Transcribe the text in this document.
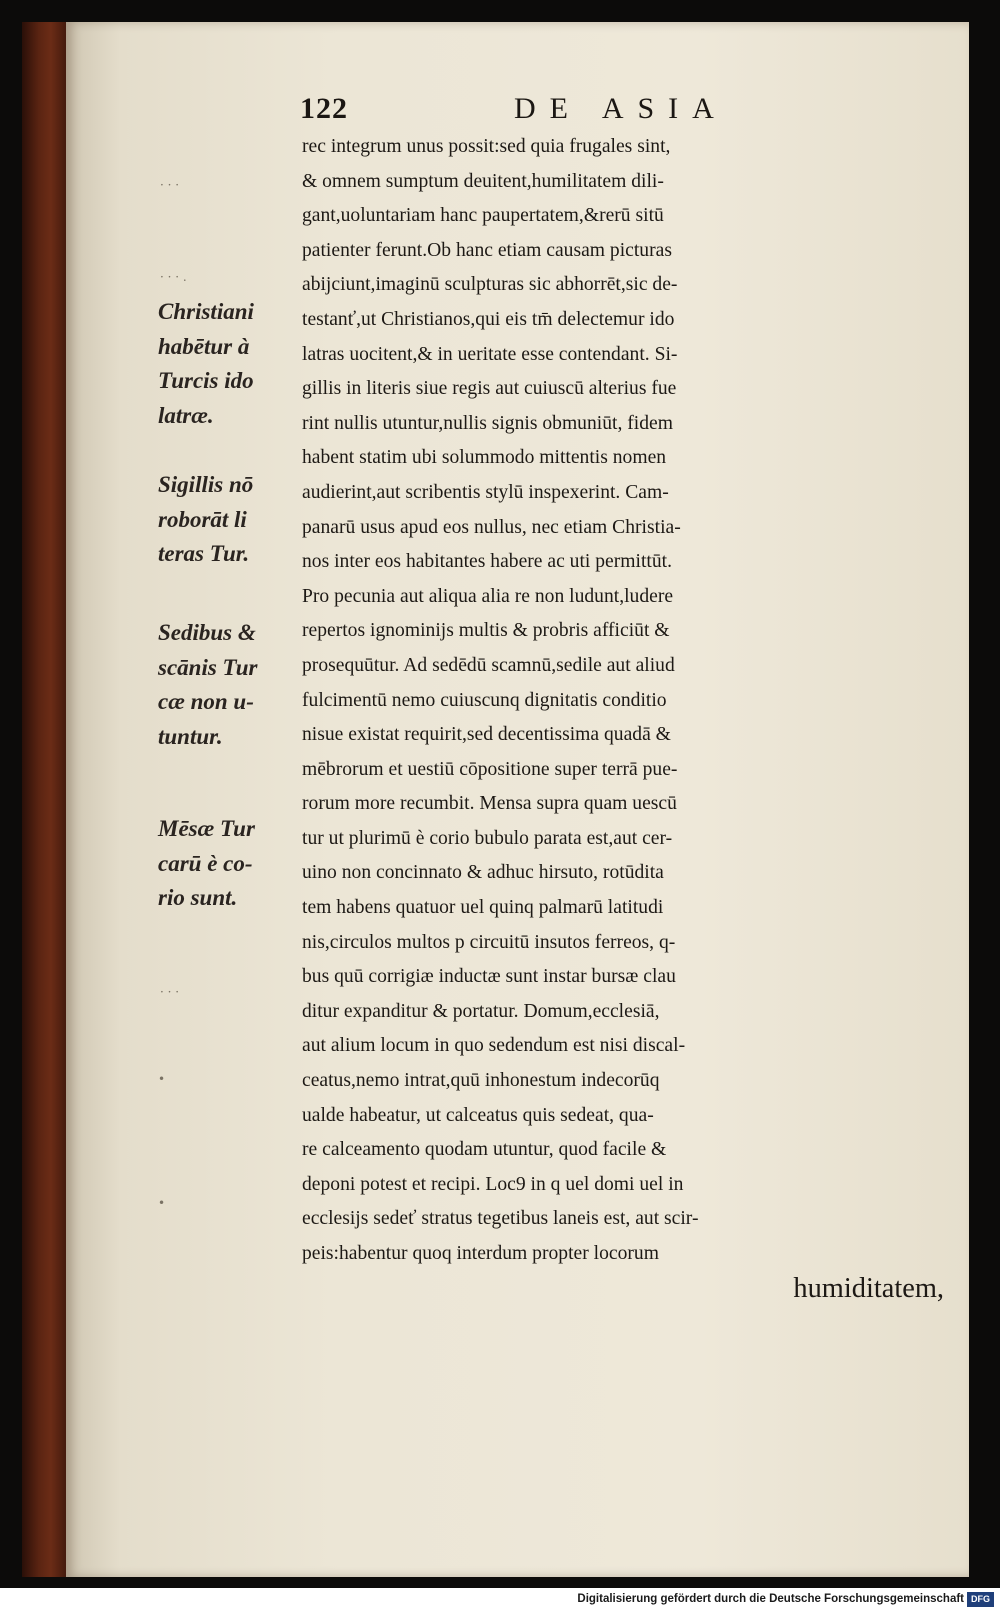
· · ·
· · · .
· · ·
•
•
122	DE ASIA
rec integrum unus possit:sed quia frugales sint,
& omnem sumptum deuitent,humilitatem dili-
gant,uoluntariam hanc paupertatem,&rerū sitū
patienter ferunt.Ob hanc etiam causam picturas
abijciunt,imaginū sculpturas sic abhorrēt,sic de-
testanť,ut Christianos,qui eis tm̄ delectemur ido
latras uocitent,& in ueritate esse contendant. Si-
gillis in literis siue regis aut cuiuscū alterius fue
rint nullis utuntur,nullis signis obmuniūt, fidem
habent statim ubi solummodo mittentis nomen
audierint,aut scribentis stylū inspexerint. Cam-
panarū usus apud eos nullus, nec etiam Christia-
nos inter eos habitantes habere ac uti permittūt.
Pro pecunia aut aliqua alia re non ludunt,ludere
repertos ignominijs multis & probris afficiūt &
prosequūtur. Ad sedēdū scamnū,sedile aut aliud
fulcimentū nemo cuiuscunq dignitatis conditio
nisue existat requirit,sed decentissima quadā &
mēbrorum et uestiū cōpositione super terrā pue-
rorum more recumbit. Mensa supra quam uescū
tur ut plurimū è corio bubulo parata est,aut cer-
uino non concinnato & adhuc hirsuto, rotūdita
tem habens quatuor uel quinq palmarū latitudi
nis,circulos multos p circuitū insutos ferreos, q-
bus quū corrigiæ inductæ sunt instar bursæ clau
ditur expanditur & portatur. Domum,ecclesiā,
aut alium locum in quo sedendum est nisi discal-
ceatus,nemo intrat,quū inhonestum indecorūq
ualde habeatur, ut calceatus quis sedeat, qua-
re calceamento quodam utuntur, quod facile &
deponi potest et recipi. Loc9 in q uel domi uel in
ecclesijs sedeť stratus tegetibus laneis est, aut scir-
peis:habentur quoq interdum propter locorum
humiditatem,
Christiani
habētur à
Turcis ido
latræ.
Sigillis nō
roborāt li
teras Tur.
Sedibus &
scānis Tur
cæ non u-
tuntur.
Mēsæ Tur
carū è co-
rio sunt.
Digitalisierung gefördert durch die Deutsche Forschungsgemeinschaft DFG
